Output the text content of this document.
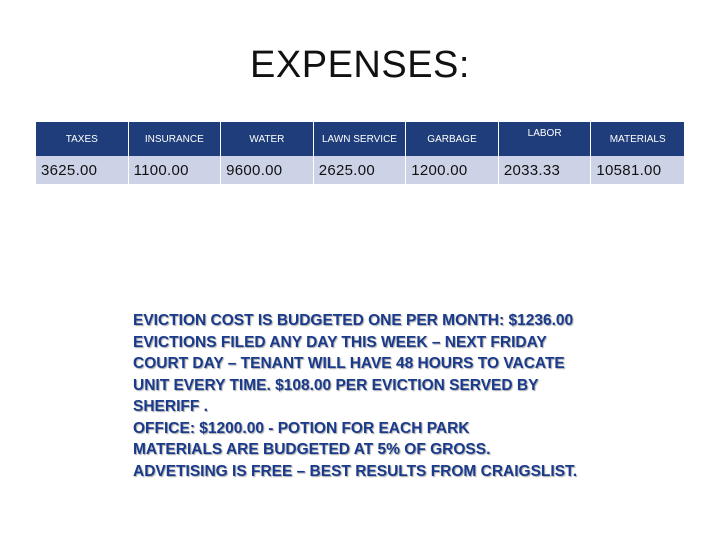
EXPENSES:
TAXES	INSURANCE	WATER	LAWN SERVICE	GARBAGE	LABOR	MATERIALS
3625.00	1100.00	9600.00	2625.00	1200.00	2033.33	10581.00
EVICTION COST IS BUDGETED ONE PER MONTH: $1236.00
EVICTIONS FILED ANY DAY THIS WEEK – NEXT FRIDAY
COURT DAY – TENANT WILL HAVE 48 HOURS TO VACATE
UNIT EVERY TIME. $108.00 PER EVICTION SERVED BY
SHERIFF .
OFFICE: $1200.00 - POTION FOR EACH PARK
MATERIALS ARE BUDGETED AT 5% OF GROSS.
ADVETISING IS FREE – BEST RESULTS FROM CRAIGSLIST.
